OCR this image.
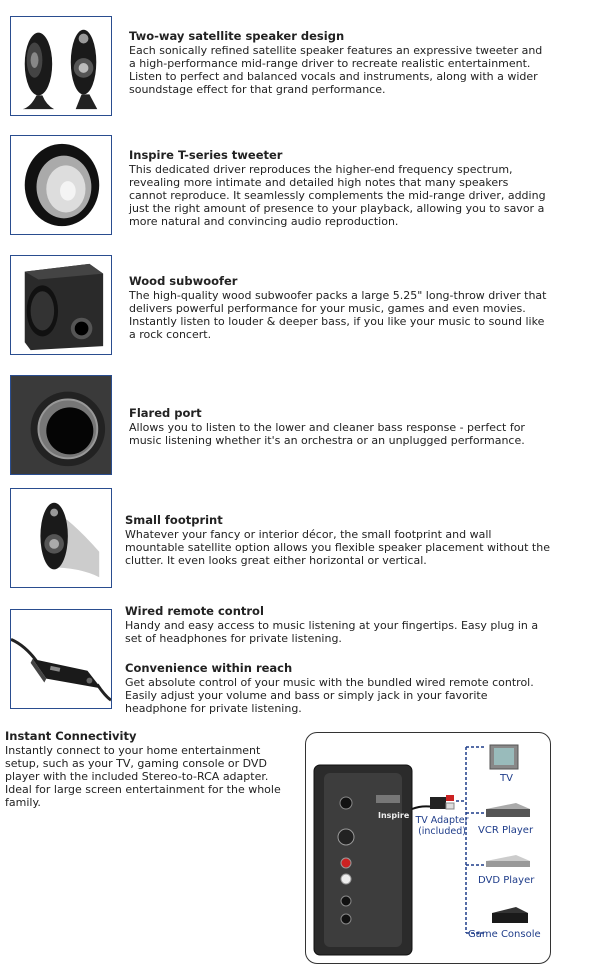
Two-way satellite speaker design

Each sonically refined satellite speaker features an expressive tweeter and a high-performance mid-range driver to recreate realistic entertainment. Listen to perfect and balanced vocals and instruments, along with a wider soundstage effect for that grand performance.

Inspire T-series tweeter

This dedicated driver reproduces the higher-end frequency spectrum, revealing more intimate and detailed high notes that many speakers cannot reproduce. It seamlessly complements the mid-range driver, adding just the right amount of presence to your playback, allowing you to savor a more natural and convincing audio reproduction.

Wood subwoofer

The high-quality wood subwoofer packs a large 5.25" long-throw driver that delivers powerful performance for your music, games and even movies. Instantly listen to louder & deeper bass, if you like your music to sound like a rock concert.

Flared port

Allows you to listen to the lower and cleaner bass response - perfect for music listening whether it's an orchestra or an unplugged performance.

Small footprint

Whatever your fancy or interior décor, the small footprint and wall mountable satellite option allows you flexible speaker placement without the clutter. It even looks great either horizontal or vertical.

Wired remote control

Handy and easy access to music listening at your fingertips. Easy plug in a set of headphones for private listening.

Convenience within reach

Get absolute control of your music with the bundled wired remote control. Easily adjust your volume and bass or simply jack in your favorite headphone for private listening.

Instant Connectivity

Instantly connect to your home entertainment setup, such as your TV, gaming console or DVD player with the included Stereo-to-RCA adapter. Ideal for large screen entertainment for the whole family.

Inspire TV Adapter
(included)
TV
VCR Player
DVD Player
Game Console
